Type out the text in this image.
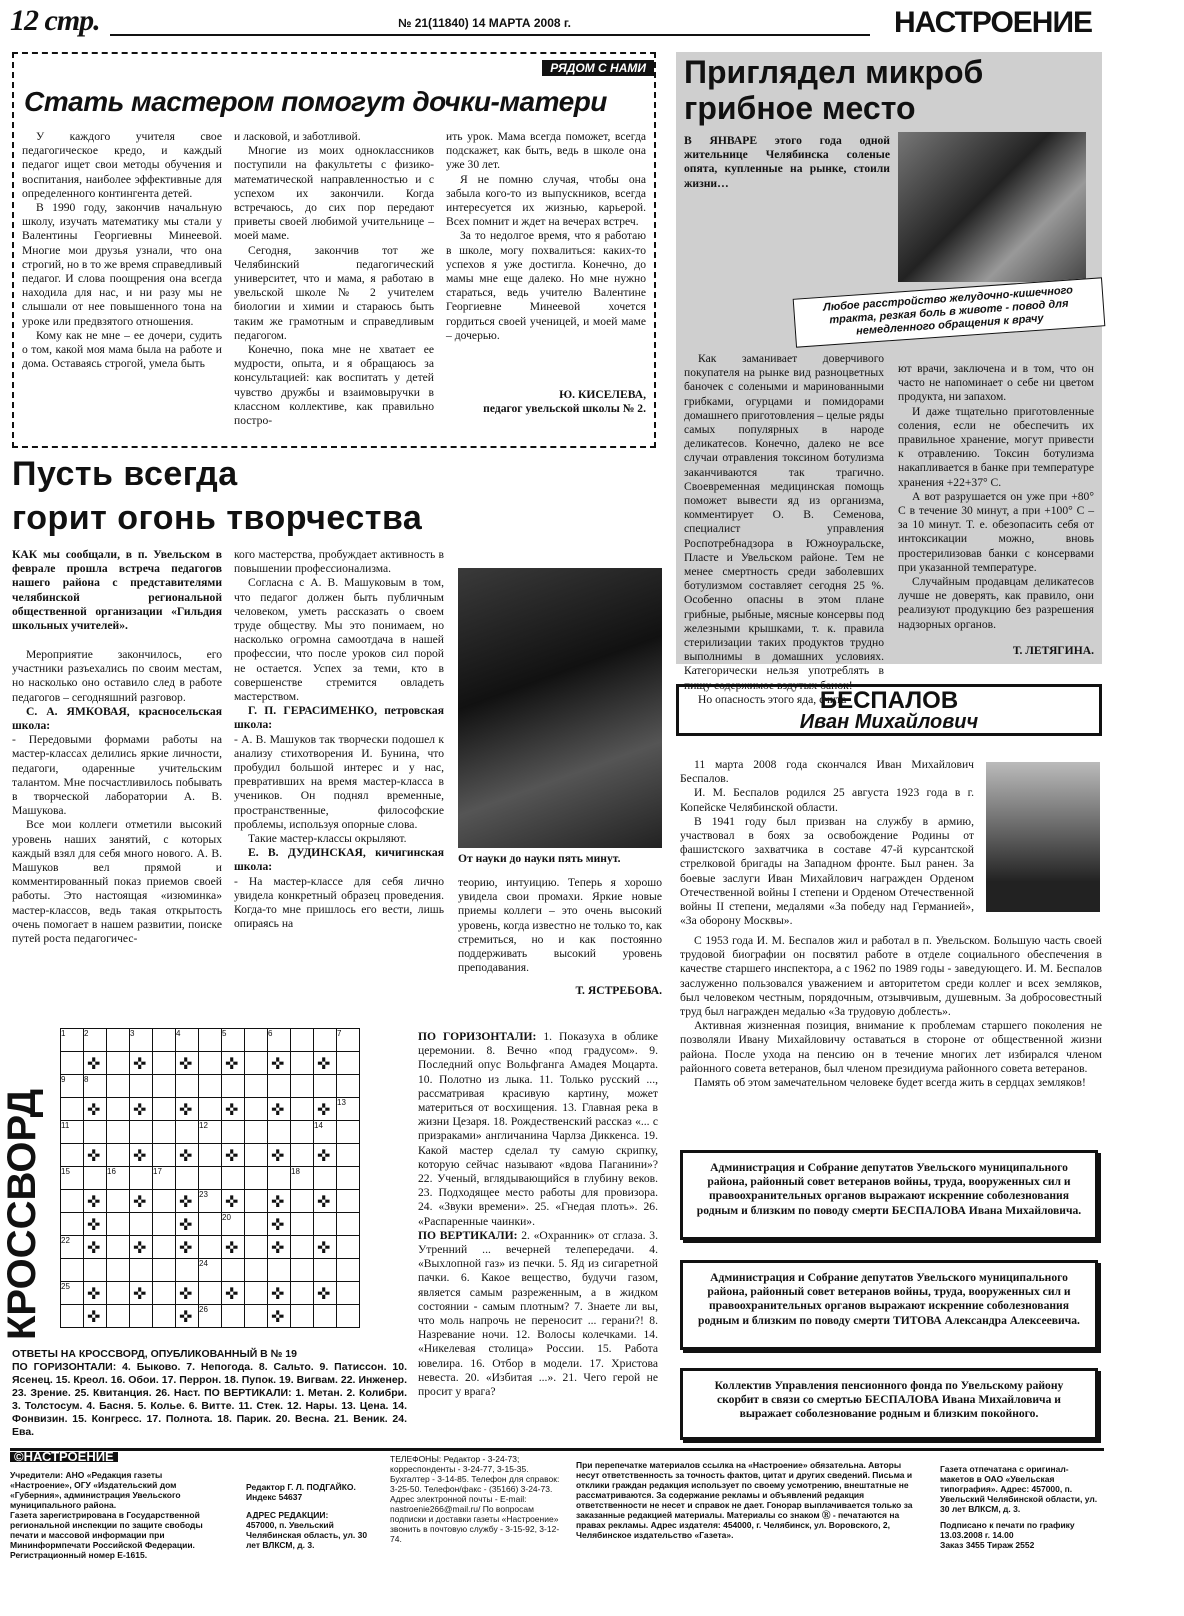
12 стр.	№ 21(11840) 14 МАРТА 2008 г.	НАСТРОЕНИЕ
РЯДОМ С НАМИ
Стать мастером помогут дочки-матери

У каждого учителя свое педагогическое кредо, и каждый педагог ищет свои методы обучения и воспитания, наиболее эффективные для определенного контингента детей.

В 1990 году, закончив начальную школу, изучать математику мы стали у Валентины Георгиевны Минеевой. Многие мои друзья узнали, что она строгий, но в то же время справедливый педагог. И слова поощрения она всегда находила для нас, и ни разу мы не слышали от нее повышенного тона на уроке или предвзятого отношения.

Кому как не мне – ее дочери, судить о том, какой моя мама была на работе и дома. Оставаясь строгой, умела быть

и ласковой, и заботливой.

Многие из моих одноклассников поступили на факультеты с физико-математической направленностью и с успехом их закончили. Когда встречаюсь, до сих пор передают приветы своей любимой учительнице – моей маме.

Сегодня, закончив тот же Челябинский педагогический университет, что и мама, я работаю в увельской школе № 2 учителем биологии и химии и стараюсь быть таким же грамотным и справедливым педагогом.

Конечно, пока мне не хватает ее мудрости, опыта, и я обращаюсь за консультацией: как воспитать у детей чувство дружбы и взаимовыручки в классном коллективе, как правильно постро-

ить урок. Мама всегда поможет, всегда подскажет, как быть, ведь в школе она уже 30 лет.

Я не помню случая, чтобы она забыла кого-то из выпускников, всегда интересуется их жизнью, карьерой. Всех помнит и ждет на вечерах встреч.

За то недолгое время, что я работаю в школе, могу похвалиться: каких-то успехов я уже достигла. Конечно, до мамы мне еще далеко. Но мне нужно стараться, ведь учителю Валентине Георгиевне Минеевой хочется гордиться своей ученицей, и моей маме – дочерью.

Ю. КИСЕЛЕВА,
педагог увельской школы № 2.
Приглядел микроб
грибное место
В ЯНВАРЕ этого года одной жительнице Челябинска соленые опята, купленные на рынке, стоили жизни…
Любое расстройство желудочно-кишечного тракта, резкая боль в животе - повод для немедленного обращения к врачу

Как заманивает доверчивого покупателя на рынке вид разноцветных баночек с солеными и маринованными грибками, огурцами и помидорами домашнего приготовления – целые ряды самых популярных в народе деликатесов. Конечно, далеко не все случаи отравления токсином ботулизма заканчиваются так трагично. Своевременная медицинская помощь поможет вывести яд из организма, комментирует О. В. Семенова, специалист управления Роспотребнадзора в Южноуральске, Пласте и Увельском районе. Тем не менее смертность среди заболевших ботулизмом составляет сегодня 25 %. Особенно опасны в этом плане грибные, рыбные, мясные консервы под железными крышками, т. к. правила стерилизации таких продуктов трудно выполнимы в домашних условиях. Категорически нельзя употреблять в пищу содержимое вздутых банок!

Но опасность этого яда, счита-

ют врачи, заключена и в том, что он часто не напоминает о себе ни цветом продукта, ни запахом.

И даже тщательно приготовленные соления, если не обеспечить их правильное хранение, могут привести к отравлению. Токсин ботулизма накапливается в банке при температуре хранения +22+37° С.

А вот разрушается он уже при +80° С в течение 30 минут, а при +100° С – за 10 минут. Т. е. обезопасить себя от интоксикации можно, вновь простерилизовав банки с консервами при указанной температуре.

Случайным продавцам деликатесов лучше не доверять, как правило, они реализуют продукцию без разрешения надзорных органов.

Т. ЛЕТЯГИНА.
Пусть всегда
горит огонь творчества
КАК мы сообщали, в п. Увельском в феврале прошла встреча педагогов нашего района с представителями челябинской региональной общественной организации «Гильдия школьных учителей».

Мероприятие закончилось, его участники разъехались по своим местам, но насколько оно оставило след в работе педагогов – сегодняшний разговор.

С. А. ЯМКОВАЯ, красносельская школа:

- Передовыми формами работы на мастер-классах делились яркие личности, педагоги, одаренные учительским талантом. Мне посчастливилось побывать в творческой лаборатории А. В. Машукова.

Все мои коллеги отметили высокий уровень наших занятий, с которых каждый взял для себя много нового. А. В. Машуков вел прямой и комментированный показ приемов своей работы. Это настоящая «изюминка» мастер-классов, ведь такая открытость очень помогает в нашем развитии, поиске путей роста педагогичес-

кого мастерства, пробуждает активность в повышении профессионализма.

Согласна с А. В. Машуковым в том, что педагог должен быть публичным человеком, уметь рассказать о своем труде обществу. Мы это понимаем, но насколько огромна самоотдача в нашей профессии, что после уроков сил порой не остается. Успех за теми, кто в совершенстве стремится овладеть мастерством.

Г. П. ГЕРАСИМЕНКО, петровская школа:

- А. В. Машуков так творчески подошел к анализу стихотворения И. Бунина, что пробудил большой интерес и у нас, превративших на время мастер-класса в учеников. Он поднял временные, пространственные, философские проблемы, используя опорные слова.

Такие мастер-классы окрыляют.

Е. В. ДУДИНСКАЯ, кичигинская школа:

- На мастер-классе для себя лично увидела конкретный образец проведения. Когда-то мне пришлось его вести, лишь опираясь на

От науки до науки пять минут.

теорию, интуицию. Теперь я хорошо увидела свои промахи. Яркие новые приемы коллеги – это очень высокий уровень, когда известно не только то, как стремиться, но и как постоянно поддерживать высокий уровень преподавания.

Т. ЯСТРЕБОВА.
БЕСПАЛОВ
Иван Михайлович

11 марта 2008 года скончался Иван Михайлович Беспалов.

И. М. Беспалов родился 25 августа 1923 года в г. Копейске Челябинской области.

В 1941 году был призван на службу в армию, участвовал в боях за освобождение Родины от фашистского захватчика в составе 47-й курсантской стрелковой бригады на Западном фронте. Был ранен. За боевые заслуги Иван Михайлович награжден Орденом Отечественной войны I степени и Орденом Отечественной войны II степени, медалями «За победу над Германией», «За оборону Москвы».

С 1953 года И. М. Беспалов жил и работал в п. Увельском. Большую часть своей трудовой биографии он посвятил работе в отделе социального обеспечения в качестве старшего инспектора, а с 1962 по 1989 годы - заведующего. И. М. Беспалов заслуженно пользовался уважением и авторитетом среди коллег и всех земляков, был человеком честным, порядочным, отзывчивым, душевным. За добросовестный труд был награжден медалью «За трудовую доблесть».

Активная жизненная позиция, внимание к проблемам старшего поколения не позволяли Ивану Михайловичу оставаться в стороне от общественной жизни района. После ухода на пенсию он в течение многих лет избирался членом районного совета ветеранов, был членом президиума районного совета ветеранов.

Память об этом замечательном человеке будет всегда жить в сердцах земляков!

Администрация и Собрание депутатов Увельского муниципального района, районный совет ветеранов войны, труда, вооруженных сил и правоохранительных органов выражают искренние соболезнования родным и близким по поводу смерти БЕСПАЛОВА Ивана Михайловича.
Администрация и Собрание депутатов Увельского муниципального района, районный совет ветеранов войны, труда, вооруженных сил и правоохранительных органов выражают искренние соболезнования родным и близким по поводу смерти ТИТОВА Александра Алексеевича.
Коллектив Управления пенсионного фонда по Увельскому району скорбит в связи со смертью БЕСПАЛОВА Ивана Михайловича и выражает соболезнование родным и близким покойного.
КРОССВОРД
1	2		3		4		5		6			7
	✜		✜		✜		✜		✜		✜	
9	8											
	✜		✜		✜		✜		✜		✜	13
11						12					14	
	✜		✜		✜		✜		✜		✜	
15		16		17						18		
	✜		✜		✜	23	✜		✜		✜	
	✜				✜		20		✜			
22	✜		✜		✜		✜		✜		✜	
						24						
25	✜		✜		✜		✜		✜		✜	
	✜				✜	26			✜			
ПО ГОРИЗОНТАЛИ: 1. Показуха в облике церемонии. 8. Вечно «под градусом». 9. Последний опус Вольфганга Амадея Моцарта. 10. Полотно из лыка. 11. Только русский ..., рассматривая красивую картину, может материться от восхищения. 13. Главная река в жизни Цезаря. 18. Рождественский рассказ «... с призраками» англичанина Чарлза Диккенса. 19. Какой мастер сделал ту самую скрипку, которую сейчас называют «вдова Паганини»? 22. Ученый, вглядывающийся в глубину веков. 23. Подходящее место работы для провизора. 24. «Звуки времени». 25. «Гнедая плоть». 26. «Распаренные чаинки».
ПО ВЕРТИКАЛИ: 2. «Охранник» от сглаза. 3. Утренний ... вечерней телепередачи. 4. «Выхлопной газ» из печки. 5. Яд из сигаретной пачки. 6. Какое вещество, будучи газом, является самым разреженным, а в жидком состоянии - самым плотным? 7. Знаете ли вы, что моль напрочь не переносит ... герани?! 8. Назревание ночи. 12. Волосы колечками. 14. «Никелевая столица» России. 15. Работа ювелира. 16. Отбор в модели. 17. Христова невеста. 20. «Избитая ...». 21. Чего герой не просит у врага?
ОТВЕТЫ НА КРОССВОРД, ОПУБЛИКОВАННЫЙ В № 19
ПО ГОРИЗОНТАЛИ: 4. Быково. 7. Непогода. 8. Сальто. 9. Патиссон. 10. Ясенец. 15. Креол. 16. Обои. 17. Перрон. 18. Пупок. 19. Вигвам. 22. Инженер. 23. Зрение. 25. Квитанция. 26. Наст. ПО ВЕРТИКАЛИ: 1. Метан. 2. Колибри. 3. Толстосум. 4. Басня. 5. Колье. 6. Витте. 11. Стек. 12. Нары. 13. Цена. 14. Фонвизин. 15. Конгресс. 17. Полнота. 18. Парик. 20. Весна. 21. Веник. 24. Ева.
©НАСТРОЕНИЕ
Учредители: АНО «Редакция газеты «Настроение», ОГУ «Издательский дом «Губерния», администрация Увельского муниципального района.
Газета зарегистрирована в Государственной региональной инспекции по защите свободы печати и массовой информации при Мининформпечати Российской Федерации. Регистрационный номер Е-1615.
Редактор Г. Л. ПОДГАЙКО.
Индекс 54637
АДРЕС РЕДАКЦИИ:
457000, п. Увельский Челябинская область, ул. 30 лет ВЛКСМ, д. 3.
ТЕЛЕФОНЫ: Редактор - 3-24-73; корреспонденты - 3-24-77, 3-15-35. Бухгалтер - 3-14-85. Телефон для справок: 3-25-50. Телефон/факс - (35166) 3-24-73. Адрес электронной почты - E-mail: nastroenie266@mail.ru/ По вопросам подписки и доставки газеты «Настроение» звонить в почтовую службу - 3-15-92, 3-12-74.
При перепечатке материалов ссылка на «Настроение» обязательна. Авторы несут ответственность за точность фактов, цитат и других сведений. Письма и отклики граждан редакция использует по своему усмотрению, внештатные не рассматриваются. За содержание рекламы и объявлений редакция ответственности не несет и справок не дает. Гонорар выплачивается только за заказанные редакцией материалы. Материалы со знаком Ⓡ - печатаются на правах рекламы. Адрес издателя: 454000, г. Челябинск, ул. Воровского, 2, Челябинское издательство «Газета».
Газета отпечатана с оригинал-макетов в ОАО «Увельская типография». Адрес: 457000, п. Увельский Челябинской области, ул. 30 лет ВЛКСМ, д. 3.
Подписано к печати по графику 13.03.2008 г. 14.00
Заказ 3455 Тираж 2552
